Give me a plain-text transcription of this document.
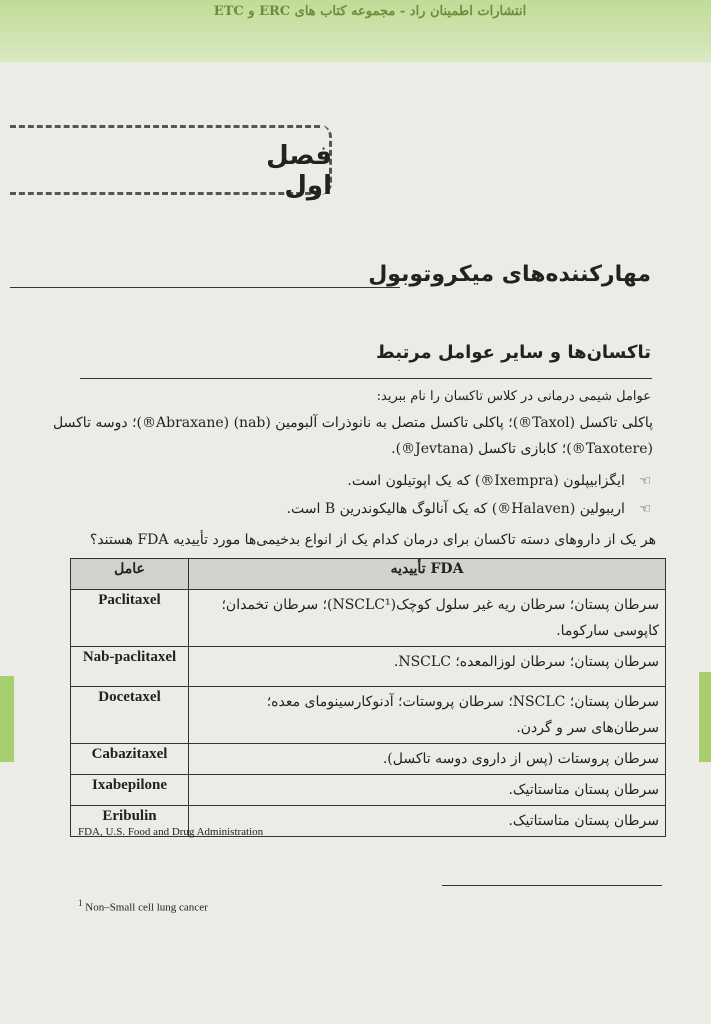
انتشارات اطمینان راد - مجموعه کتاب های ERC و ETC
فصل اول
مهارکننده‌های میکروتوبول
تاکسان‌ها و سایر عوامل مرتبط
عوامل شیمی درمانی در کلاس تاکسان را نام ببرید:
پاکلی تاکسل (Taxol®)؛ پاکلی تاکسل متصل به نانوذرات آلبومین (nab) (Abraxane®)؛ دوسه تاکسل
(Taxotere®)؛ کابازی تاکسل (Jevtana®).
☜ ایگزابیپلون (Ixempra®) که یک اپوتیلون است.
☜ اریبولین (Halaven®) که یک آنالوگ هالیکوندرین B است.
هر یک از داروهای دسته تاکسان برای درمان کدام یک از انواع بدخیمی‌ها مورد تأییدیه FDA هستند؟
عامل	تأییدیه FDA
Paclitaxel	سرطان پستان؛ سرطان ریه غیر سلول کوچک(NSCLC¹)؛ سرطان تخمدان؛ کاپوسی سارکوما.
Nab-paclitaxel	سرطان پستان؛ سرطان لوزالمعده؛ NSCLC.
Docetaxel	سرطان پستان؛ NSCLC؛ سرطان پروستات؛ آدنوکارسینومای معده؛ سرطان‌های سر و گردن.
Cabazitaxel	سرطان پروستات (پس از داروی دوسه تاکسل).
Ixabepilone	سرطان پستان متاستاتیک.
Eribulin	سرطان پستان متاستاتیک.
FDA, U.S. Food and Drug Administration
$^1$ Non–Small cell lung cancer
